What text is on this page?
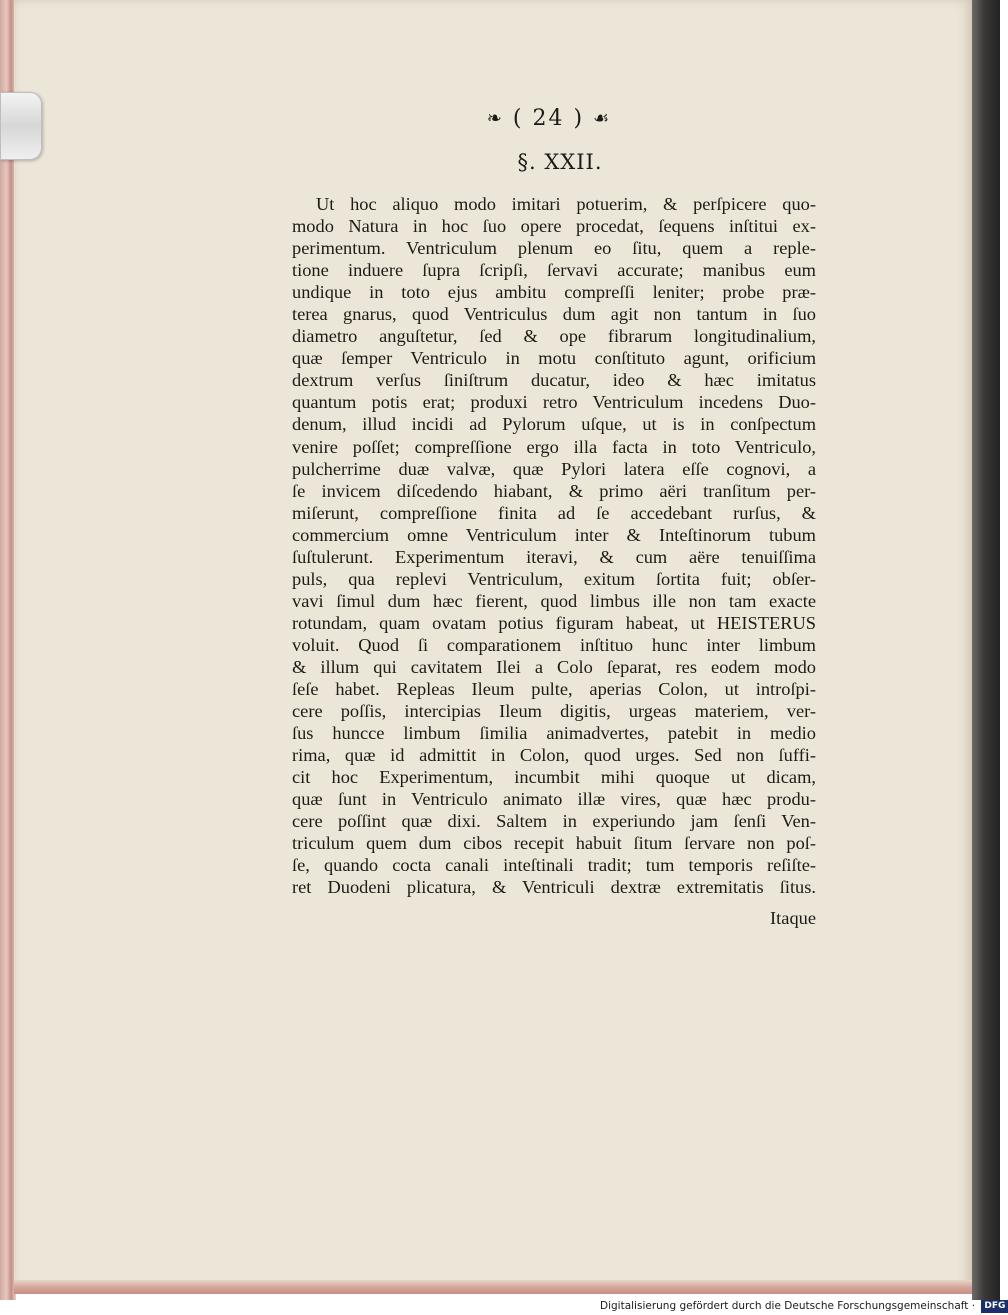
❧ ( 24 ) ☙
§. XXII.
Ut hoc aliquo modo imitari potuerim, & perſpicere quo-
modo Natura in hoc ſuo opere procedat, ſequens inſtitui ex-
perimentum. Ventriculum plenum eo ſitu, quem a reple-
tione induere ſupra ſcripſi, ſervavi accurate; manibus eum
undique in toto ejus ambitu compreſſi leniter; probe præ-
terea gnarus, quod Ventriculus dum agit non tantum in ſuo
diametro anguſtetur, ſed & ope fibrarum longitudinalium,
quæ ſemper Ventriculo in motu conſtituto agunt, orificium
dextrum verſus ſiniſtrum ducatur, ideo & hæc imitatus
quantum potis erat; produxi retro Ventriculum incedens Duo-
denum, illud incidi ad Pylorum uſque, ut is in conſpectum
venire poſſet; compreſſione ergo illa facta in toto Ventriculo,
pulcherrime duæ valvæ, quæ Pylori latera eſſe cognovi, a
ſe invicem diſcedendo hiabant, & primo aëri tranſitum per-
miſerunt, compreſſione finita ad ſe accedebant rurſus, &
commercium omne Ventriculum inter & Inteſtinorum tubum
ſuſtulerunt. Experimentum iteravi, & cum aëre tenuiſſima
puls, qua replevi Ventriculum, exitum ſortita fuit; obſer-
vavi ſimul dum hæc fierent, quod limbus ille non tam exacte
rotundam, quam ovatam potius figuram habeat, ut HEISTERUS
voluit. Quod ſi comparationem inſtituo hunc inter limbum
& illum qui cavitatem Ilei a Colo ſeparat, res eodem modo
ſeſe habet. Repleas Ileum pulte, aperias Colon, ut introſpi-
cere poſſis, intercipias Ileum digitis, urgeas materiem, ver-
ſus huncce limbum ſimilia animadvertes, patebit in medio
rima, quæ id admittit in Colon, quod urges. Sed non ſuffi-
cit hoc Experimentum, incumbit mihi quoque ut dicam,
quæ ſunt in Ventriculo animato illæ vires, quæ hæc produ-
cere poſſint quæ dixi. Saltem in experiundo jam ſenſi Ven-
triculum quem dum cibos recepit habuit ſitum ſervare non poſ-
ſe, quando cocta canali inteſtinali tradit; tum temporis reſiſte-
ret Duodeni plicatura, & Ventriculi dextræ extremitatis ſitus.
Itaque
Digitalisierung gefördert durch die Deutsche Forschungsgemeinschaft · DFG
